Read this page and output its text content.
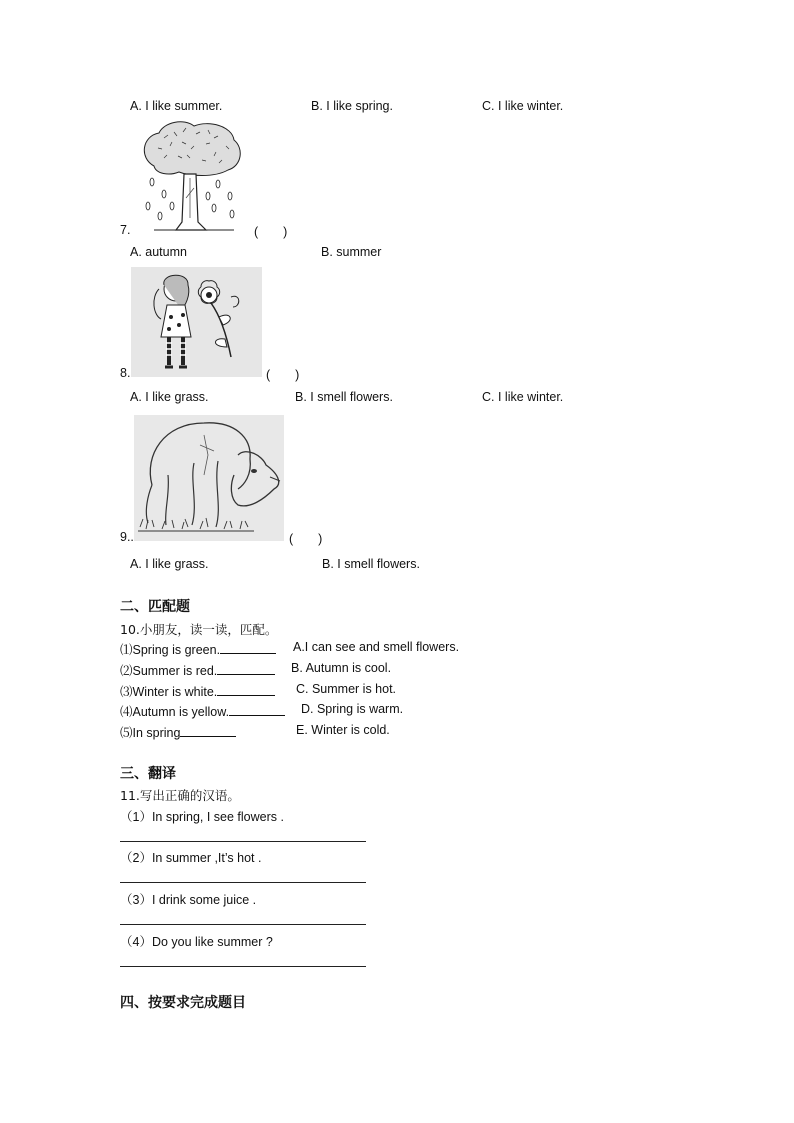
A. I like summer.	B. I like spring.	C. I like winter.
7.	(　　)
A. autumn	B. summer
8.	(　　)
A. I like grass.	B. I smell flowers.	C. I like winter.
9..	(　　)
A. I like grass.	B. I smell flowers.
二、匹配题
10.小朋友，读一读，匹配。
⑴Spring is green.
⑵Summer is red.
⑶Winter is white.
⑷Autumn is yellow.
⑸In spring
A.I can see and smell flowers.
B. Autumn is cool.
C. Summer is hot.
D. Spring is warm.
E. Winter is cold.
三、翻译
11.写出正确的汉语。
（1）In spring, I see flowers .
（2）In summer ,It’s hot .
（3）I drink some juice .
（4）Do you like summer ?
四、按要求完成题目
